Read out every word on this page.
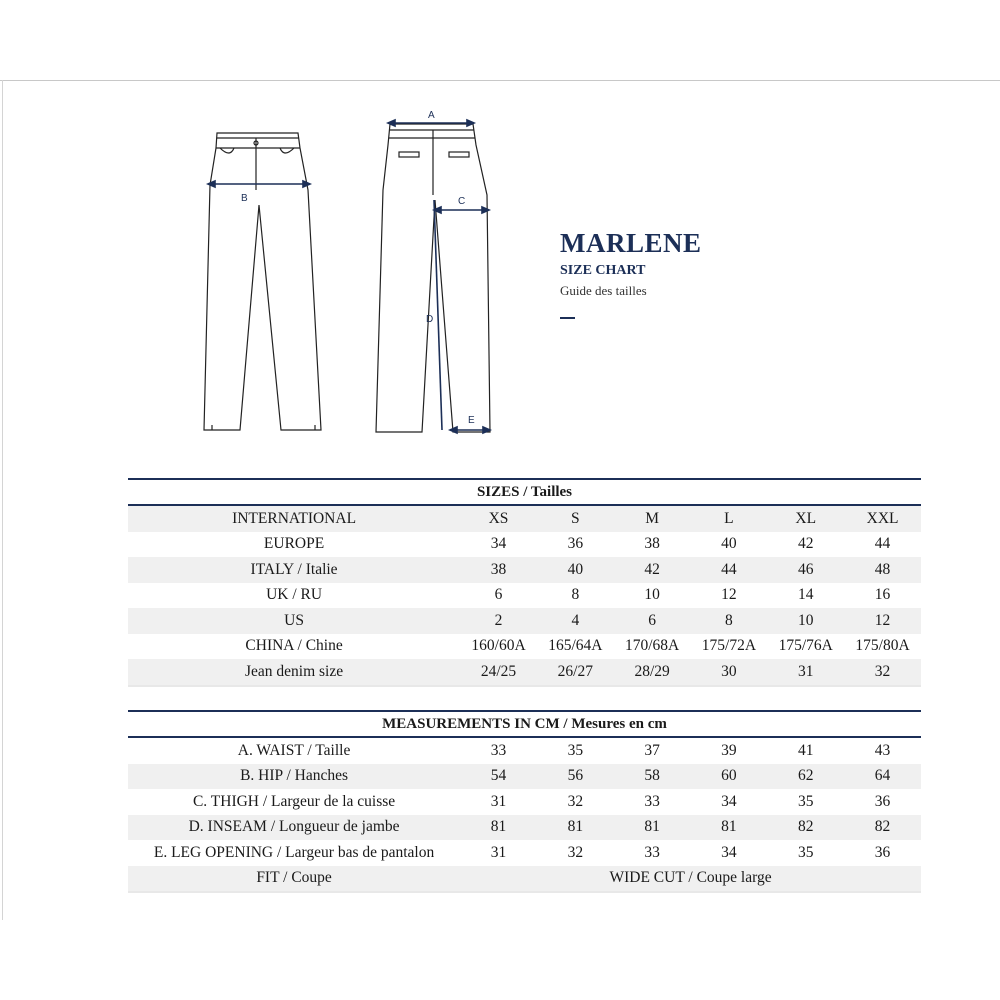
B
A
C
D
E
MARLENE
SIZE CHART
Guide des tailles
SIZES / Tailles						
INTERNATIONAL	XS	S	M	L	XL	XXL
EUROPE	34	36	38	40	42	44
ITALY / Italie	38	40	42	44	46	48
UK / RU	6	8	10	12	14	16
US	2	4	6	8	10	12
CHINA / Chine	160/60A	165/64A	170/68A	175/72A	175/76A	175/80A
Jean denim size	24/25	26/27	28/29	30	31	32
MEASUREMENTS IN CM / Mesures en cm						
A. WAIST / Taille	33	35	37	39	41	43
B. HIP / Hanches	54	56	58	60	62	64
C. THIGH / Largeur de la cuisse	31	32	33	34	35	36
D. INSEAM / Longueur de jambe	81	81	81	81	82	82
E. LEG OPENING / Largeur bas de pantalon	31	32	33	34	35	36
FIT / Coupe	WIDE CUT / Coupe large					
